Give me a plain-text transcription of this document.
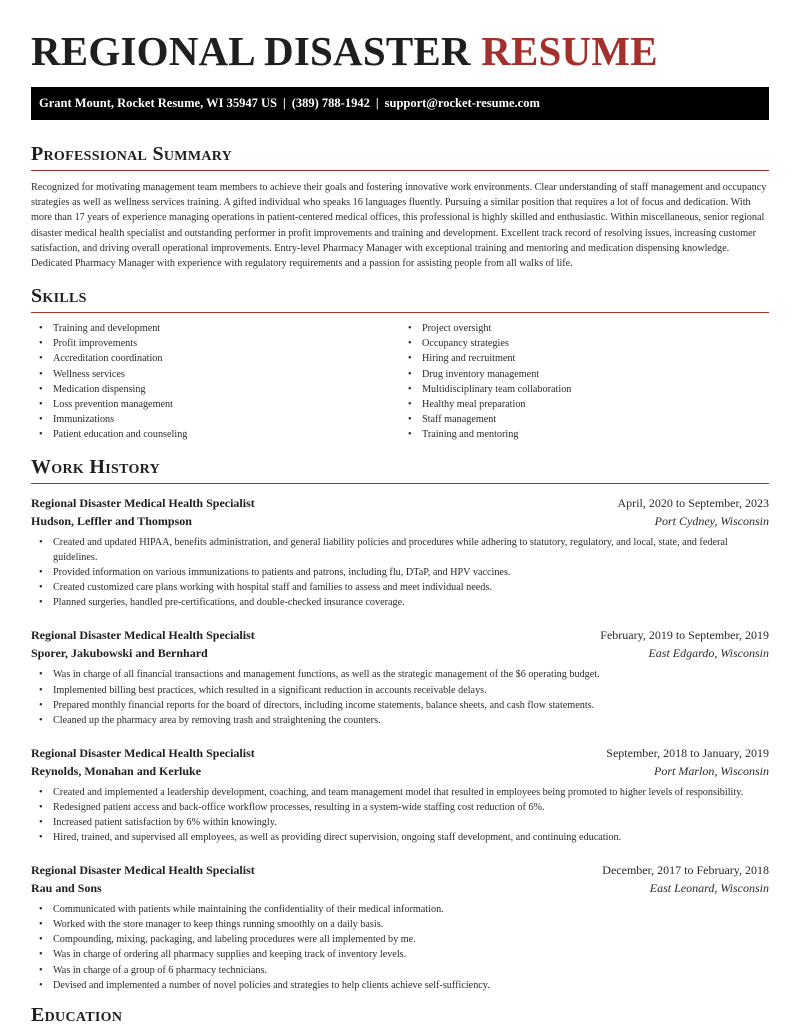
REGIONAL DISASTER RESUME
Grant Mount, Rocket Resume, WI 35947 US | (389) 788-1942 | support@rocket-resume.com
Professional Summary

Recognized for motivating management team members to achieve their goals and fostering innovative work environments. Clear understanding of staff management and occupancy strategies as well as wellness services training. A gifted individual who speaks 16 languages fluently. Pursuing a similar position that requires a lot of focus and dedication. With more than 17 years of experience managing operations in patient-centered medical offices, this professional is highly skilled and enthusiastic. Within miscellaneous, senior regional disaster medical health specialist and outstanding performer in profit improvements and training and development. Excellent track record of resolving issues, increasing customer satisfaction, and driving overall operational improvements. Entry-level Pharmacy Manager with exceptional training and mentoring and medication dispensing knowledge. Dedicated Pharmacy Manager with experience with regulatory requirements and a passion for assisting people from all walks of life.

Skills
• Training and development
• Profit improvements
• Accreditation coordination
• Wellness services
• Medication dispensing
• Loss prevention management
• Immunizations
• Patient education and counseling
• Project oversight
• Occupancy strategies
• Hiring and recruitment
• Drug inventory management
• Multidisciplinary team collaboration
• Healthy meal preparation
• Staff management
• Training and mentoring
Work History
Regional Disaster Medical Health Specialist	April, 2020 to September, 2023
Hudson, Leffler and Thompson	Port Cydney, Wisconsin
• Created and updated HIPAA, benefits administration, and general liability policies and procedures while adhering to statutory, regulatory, and local, state, and federal guidelines.
• Provided information on various immunizations to patients and patrons, including flu, DTaP, and HPV vaccines.
• Created customized care plans working with hospital staff and families to assess and meet individual needs.
• Planned surgeries, handled pre-certifications, and double-checked insurance coverage.
Regional Disaster Medical Health Specialist	February, 2019 to September, 2019
Sporer, Jakubowski and Bernhard	East Edgardo, Wisconsin
• Was in charge of all financial transactions and management functions, as well as the strategic management of the $6 operating budget.
• Implemented billing best practices, which resulted in a significant reduction in accounts receivable delays.
• Prepared monthly financial reports for the board of directors, including income statements, balance sheets, and cash flow statements.
• Cleaned up the pharmacy area by removing trash and straightening the counters.
Regional Disaster Medical Health Specialist	September, 2018 to January, 2019
Reynolds, Monahan and Kerluke	Port Marlon, Wisconsin
• Created and implemented a leadership development, coaching, and team management model that resulted in employees being promoted to higher levels of responsibility.
• Redesigned patient access and back-office workflow processes, resulting in a system-wide staffing cost reduction of 6%.
• Increased patient satisfaction by 6% within knowingly.
• Hired, trained, and supervised all employees, as well as providing direct supervision, ongoing staff development, and continuing education.
Regional Disaster Medical Health Specialist	December, 2017 to February, 2018
Rau and Sons	East Leonard, Wisconsin
• Communicated with patients while maintaining the confidentiality of their medical information.
• Worked with the store manager to keep things running smoothly on a daily basis.
• Compounding, mixing, packaging, and labeling procedures were all implemented by me.
• Was in charge of ordering all pharmacy supplies and keeping track of inventory levels.
• Was in charge of a group of 6 pharmacy technicians.
• Devised and implemented a number of novel policies and strategies to help clients achieve self-sufficiency.
Education
